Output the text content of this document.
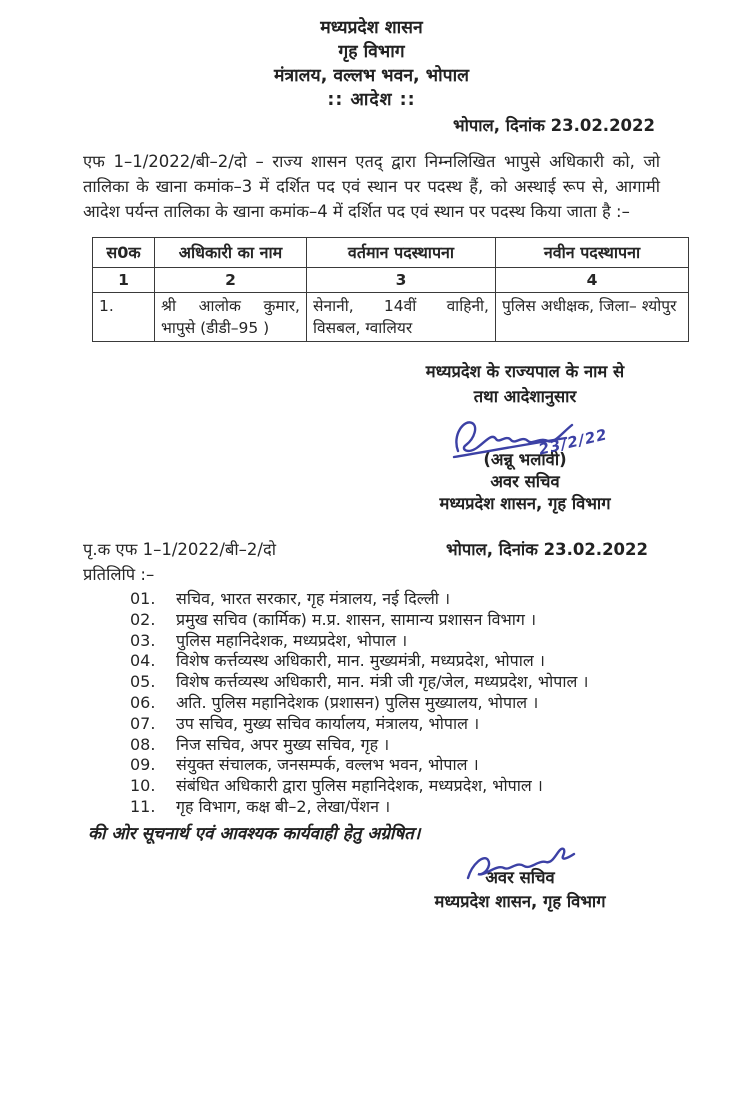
मध्यप्रदेश शासन
गृह विभाग
मंत्रालय, वल्लभ भवन, भोपाल
:: आदेश ::
भोपाल, दिनांक 23.02.2022

एफ 1–1/2022/बी–2/दो – राज्य शासन एतद् द्वारा निम्नलिखित भापुसे अधिकारी को, जो तालिका के खाना कमांक–3 में दर्शित पद एवं स्थान पर पदस्थ हैं, को अस्थाई रूप से, आगामी आदेश पर्यन्त तालिका के खाना कमांक–4 में दर्शित पद एवं स्थान पर पदस्थ किया जाता है :–

स0क	अधिकारी का नाम	वर्तमान पदस्थापना	नवीन पदस्थापना
1	2	3	4
1.	श्री आलोक कुमार, भापुसे (डीडी–95 )	सेनानी, 14वीं वाहिनी, विसबल, ग्वालियर	पुलिस अधीक्षक, जिला– श्योपुर
मध्यप्रदेश के राज्यपाल के नाम से
तथा आदेशानुसार
23/2/22
(अन्नू भलावी)
अवर सचिव
मध्यप्रदेश शासन, गृह विभाग
पृ.क एफ 1–1/2022/बी–2/दो	भोपाल, दिनांक 23.02.2022
प्रतिलिपि :–
01.	सचिव, भारत सरकार, गृह मंत्रालय, नई दिल्ली ।
02.	प्रमुख सचिव (कार्मिक) म.प्र. शासन, सामान्य प्रशासन विभाग ।
03.	पुलिस महानिदेशक, मध्यप्रदेश, भोपाल ।
04.	विशेष कर्त्तव्यस्थ अधिकारी, मान. मुख्यमंत्री, मध्यप्रदेश, भोपाल ।
05.	विशेष कर्त्तव्यस्थ अधिकारी, मान. मंत्री जी गृह/जेल, मध्यप्रदेश, भोपाल ।
06.	अति. पुलिस महानिदेशक (प्रशासन) पुलिस मुख्यालय, भोपाल ।
07.	उप सचिव, मुख्य सचिव कार्यालय, मंत्रालय, भोपाल ।
08.	निज सचिव, अपर मुख्य सचिव, गृह ।
09.	संयुक्त संचालक, जनसम्पर्क, वल्लभ भवन, भोपाल ।
10.	संबंधित अधिकारी द्वारा पुलिस महानिदेशक, मध्यप्रदेश, भोपाल ।
11.	गृह विभाग, कक्ष बी–2, लेखा/पेंशन ।
की ओर सूचनार्थ एवं आवश्यक कार्यवाही हेतु अग्रेषित।
अवर सचिव
मध्यप्रदेश शासन, गृह विभाग
